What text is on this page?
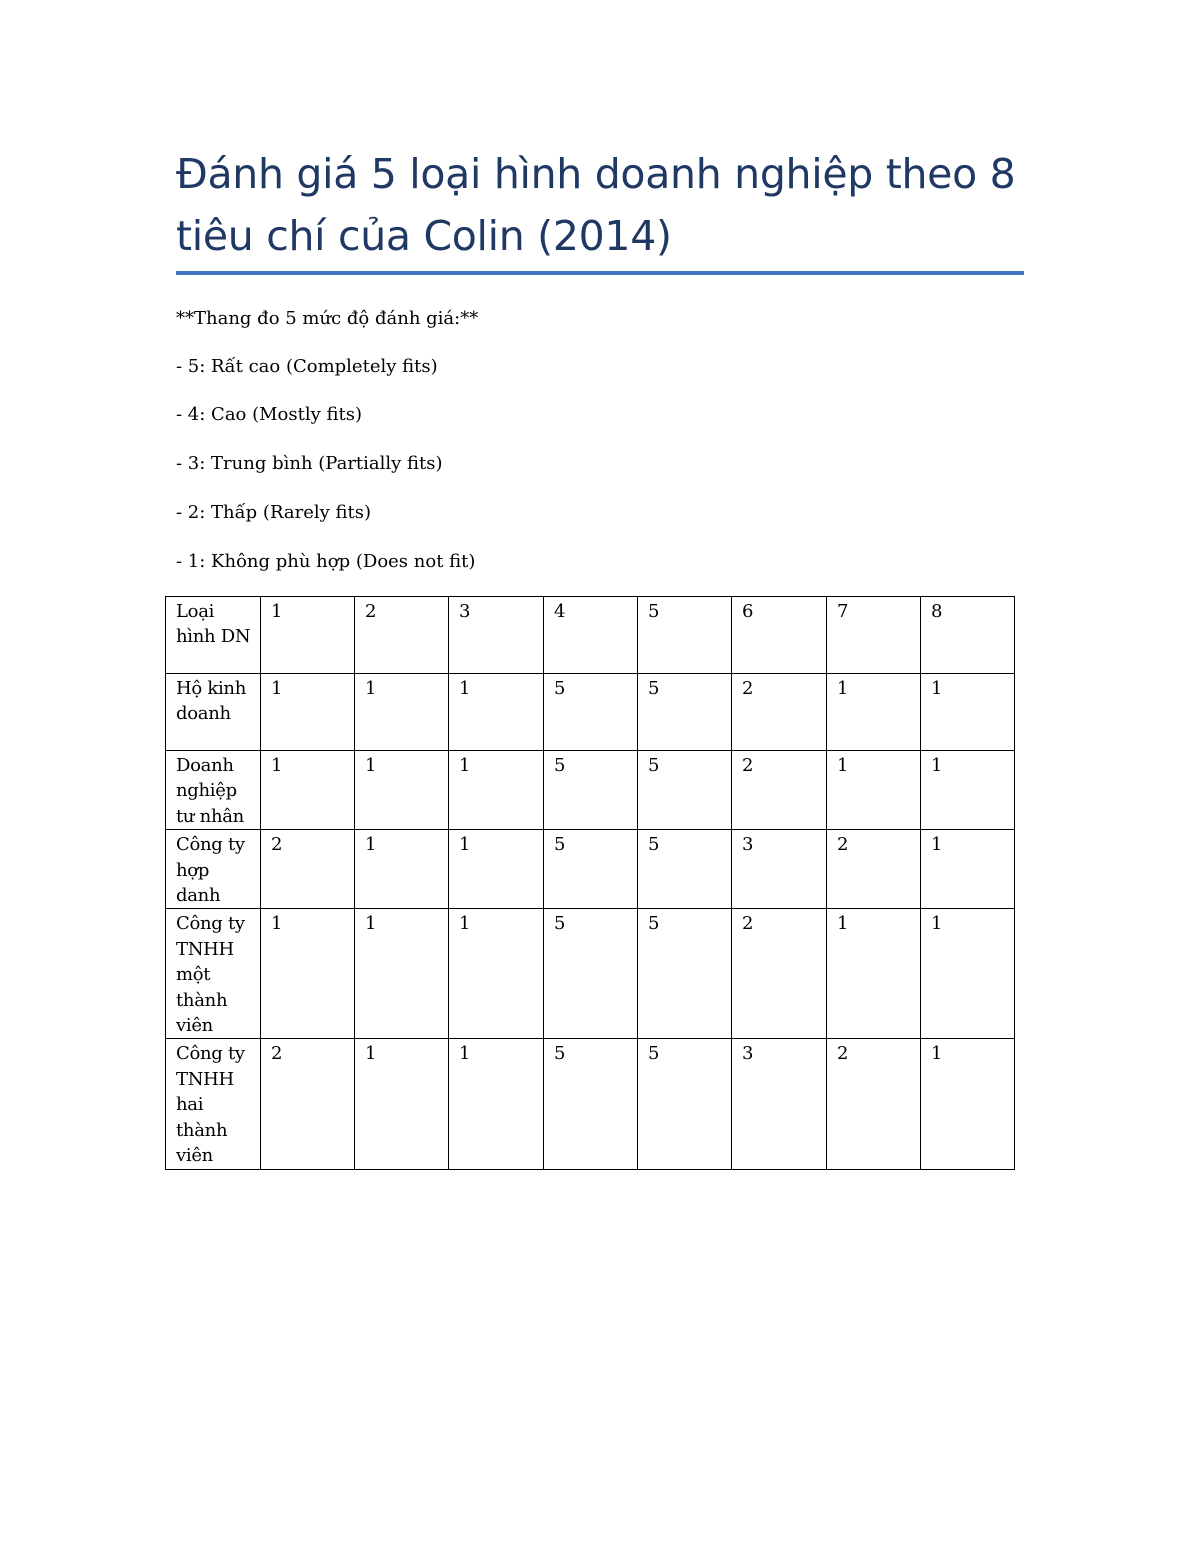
Đánh giá 5 loại hình doanh nghiệp theo 8 tiêu chí của Colin (2014)

**Thang đo 5 mức độ đánh giá:**

- 5: Rất cao (Completely fits)

- 4: Cao (Mostly fits)

- 3: Trung bình (Partially fits)

- 2: Thấp (Rarely fits)

- 1: Không phù hợp (Does not fit)

Loại hình DN	1	2	3	4	5	6	7	8
Hộ kinh doanh	1	1	1	5	5	2	1	1
Doanh nghiệp tư nhân	1	1	1	5	5	2	1	1
Công ty hợp danh	2	1	1	5	5	3	2	1
Công ty TNHH một thành viên	1	1	1	5	5	2	1	1
Công ty TNHH hai thành viên	2	1	1	5	5	3	2	1
